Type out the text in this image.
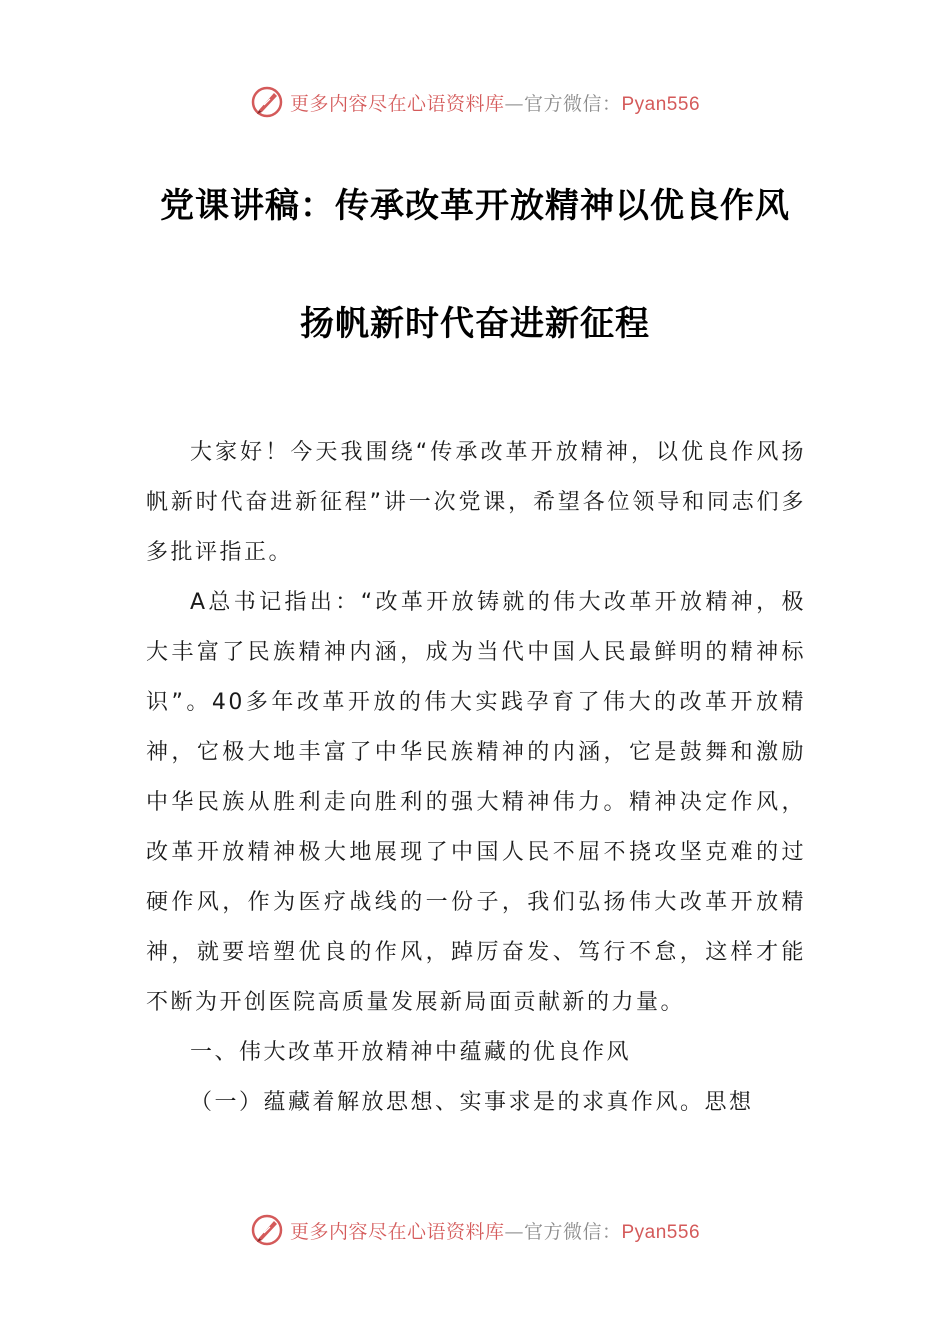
更多内容尽在心语资料库—官方微信：Pyan556
党课讲稿：传承改革开放精神以优良作风
扬帆新时代奋进新征程

大家好！今天我围绕“传承改革开放精神，以优良作风扬帆新时代奋进新征程”讲一次党课，希望各位领导和同志们多多批评指正。

A总书记指出：“改革开放铸就的伟大改革开放精神，极大丰富了民族精神内涵，成为当代中国人民最鲜明的精神标识”。40多年改革开放的伟大实践孕育了伟大的改革开放精神，它极大地丰富了中华民族精神的内涵，它是鼓舞和激励中华民族从胜利走向胜利的强大精神伟力。精神决定作风，改革开放精神极大地展现了中国人民不屈不挠攻坚克难的过硬作风，作为医疗战线的一份子，我们弘扬伟大改革开放精神，就要培塑优良的作风，踔厉奋发、笃行不怠，这样才能不断为开创医院高质量发展新局面贡献新的力量。

一、伟大改革开放精神中蕴藏的优良作风

（一）蕴藏着解放思想、实事求是的求真作风。思想

更多内容尽在心语资料库—官方微信：Pyan556
